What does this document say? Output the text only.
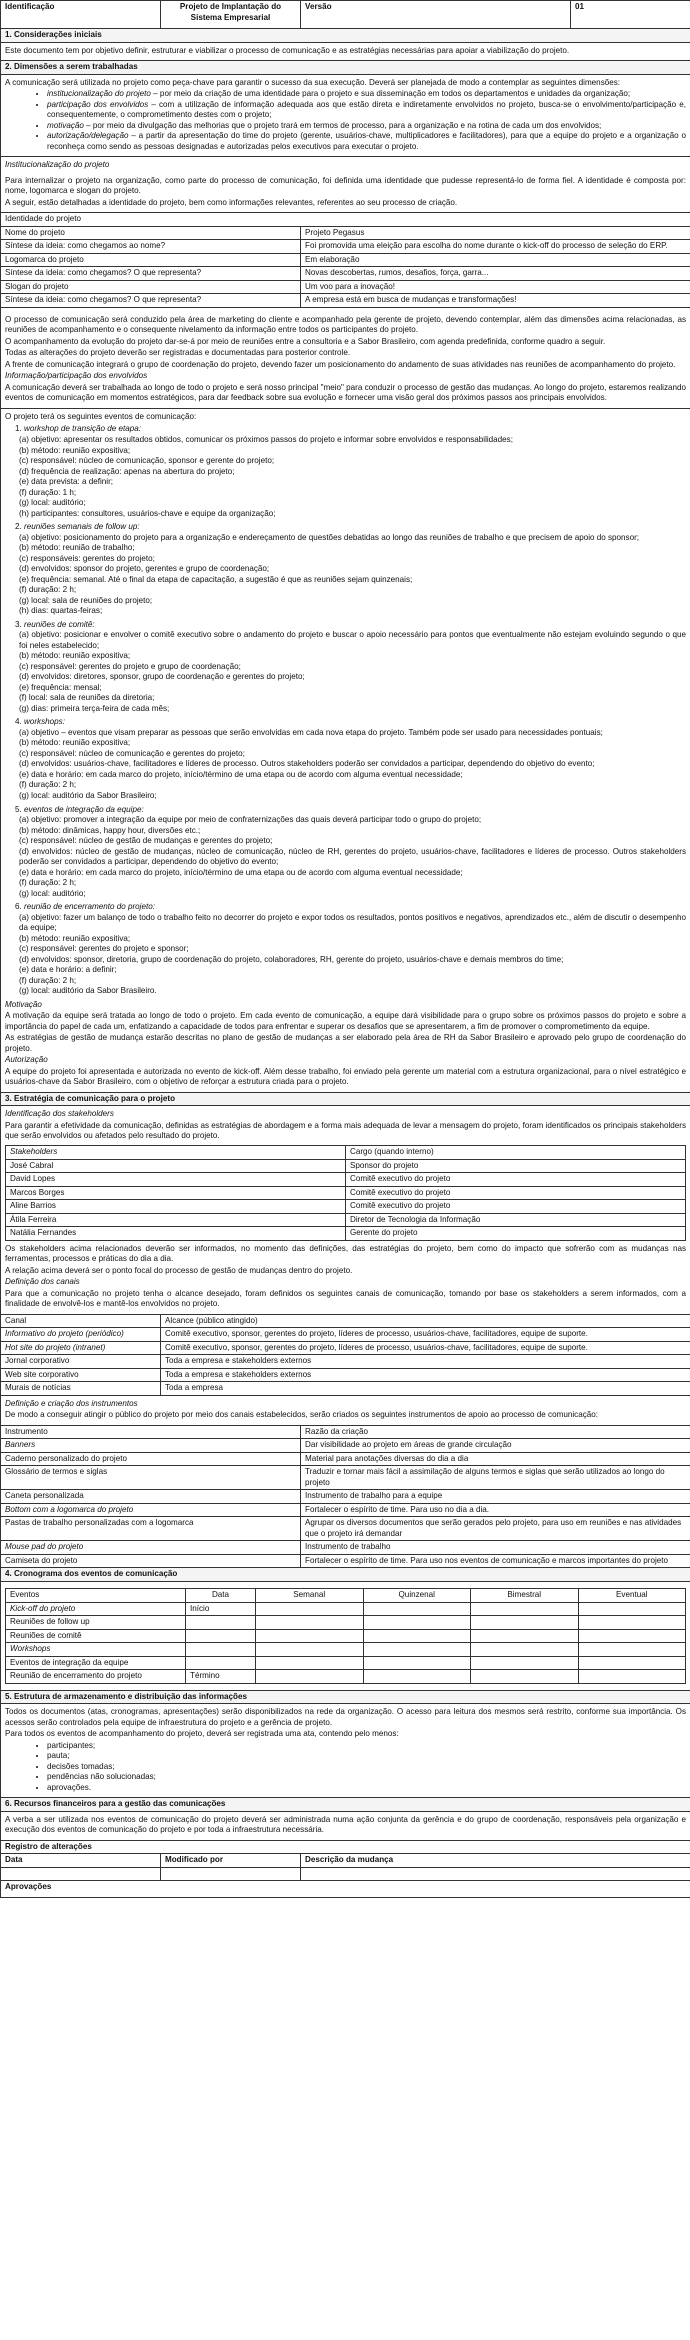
Identificação	Projeto de Implantação do Sistema Empresarial	Versão	01
1. Considerações iniciais

Este documento tem por objetivo definir, estruturar e viabilizar o processo de comunicação e as estratégias necessárias para apoiar a viabilização do projeto.

2. Dimensões a serem trabalhadas

A comunicação será utilizada no projeto como peça-chave para garantir o sucesso da sua execução. Deverá ser planejada de modo a contemplar as seguintes dimensões:

• institucionalização do projeto – por meio da criação de uma identidade para o projeto e sua disseminação em todos os departamentos e unidades da organização;
• participação dos envolvidos – com a utilização de informação adequada aos que estão direta e indiretamente envolvidos no projeto, busca-se o envolvimento/participação e, consequentemente, o comprometimento destes com o projeto;
• motivação – por meio da divulgação das melhorias que o projeto trará em termos de processo, para a organização e na rotina de cada um dos envolvidos;
• autorização/delegação – a partir da apresentação do time do projeto (gerente, usuários-chave, multiplicadores e facilitadores), para que a equipe do projeto e a organização o reconheça como sendo as pessoas designadas e autorizadas pelos executivos para executar o projeto.

Institucionalização do projeto

Para internalizar o projeto na organização, como parte do processo de comunicação, foi definida uma identidade que pudesse representá-lo de forma fiel. A identidade é composta por: nome, logomarca e slogan do projeto.

A seguir, estão detalhadas a identidade do projeto, bem como informações relevantes, referentes ao seu processo de criação.

Identidade do projeto
Nome do projeto	Projeto Pegasus
Síntese da ideia: como chegamos ao nome?	Foi promovida uma eleição para escolha do nome durante o kick-off do processo de seleção do ERP.
Logomarca do projeto	Em elaboração
Síntese da ideia: como chegamos? O que representa?	Novas descobertas, rumos, desafios, força, garra...
Slogan do projeto	Um voo para a inovação!
Síntese da ideia: como chegamos? O que representa?	A empresa está em busca de mudanças e transformações!

O processo de comunicação será conduzido pela área de marketing do cliente e acompanhado pela gerente de projeto, devendo contemplar, além das dimensões acima relacionadas, as reuniões de acompanhamento e o consequente nivelamento da informação entre todos os participantes do projeto.

O acompanhamento da evolução do projeto dar-se-á por meio de reuniões entre a consultoria e a Sabor Brasileiro, com agenda predefinida, conforme quadro a seguir.

Todas as alterações do projeto deverão ser registradas e documentadas para posterior controle.

A frente de comunicação integrará o grupo de coordenação do projeto, devendo fazer um posicionamento do andamento de suas atividades nas reuniões de acompanhamento do projeto.

Informação/participação dos envolvidos

A comunicação deverá ser trabalhada ao longo de todo o projeto e será nosso principal "meio" para conduzir o processo de gestão das mudanças. Ao longo do projeto, estaremos realizando eventos de comunicação em momentos estratégicos, para dar feedback sobre sua evolução e fornecer uma visão geral dos próximos passos aos principais envolvidos.

O projeto terá os seguintes eventos de comunicação:

1. workshop de transição de etapa:
(a) objetivo: apresentar os resultados obtidos, comunicar os próximos passos do projeto e informar sobre envolvidos e responsabilidades;
(b) método: reunião expositiva;
(c) responsável: núcleo de comunicação, sponsor e gerente do projeto;
(d) frequência de realização: apenas na abertura do projeto;
(e) data prevista: a definir;
(f) duração: 1 h;
(g) local: auditório;
(h) participantes: consultores, usuários-chave e equipe da organização;
2. reuniões semanais de follow up:
(a) objetivo: posicionamento do projeto para a organização e endereçamento de questões debatidas ao longo das reuniões de trabalho e que precisem de apoio do sponsor;
(b) método: reunião de trabalho;
(c) responsáveis: gerentes do projeto;
(d) envolvidos: sponsor do projeto, gerentes e grupo de coordenação;
(e) frequência: semanal. Até o final da etapa de capacitação, a sugestão é que as reuniões sejam quinzenais;
(f) duração: 2 h;
(g) local: sala de reuniões do projeto;
(h) dias: quartas-feiras;
3. reuniões de comitê:
(a) objetivo: posicionar e envolver o comitê executivo sobre o andamento do projeto e buscar o apoio necessário para pontos que eventualmente não estejam evoluindo segundo o que foi neles estabelecido;
(b) método: reunião expositiva;
(c) responsável: gerentes do projeto e grupo de coordenação;
(d) envolvidos: diretores, sponsor, grupo de coordenação e gerentes do projeto;
(e) frequência: mensal;
(f) local: sala de reuniões da diretoria;
(g) dias: primeira terça-feira de cada mês;
4. workshops:
(a) objetivo – eventos que visam preparar as pessoas que serão envolvidas em cada nova etapa do projeto. Também pode ser usado para necessidades pontuais;
(b) método: reunião expositiva;
(c) responsável: núcleo de comunicação e gerentes do projeto;
(d) envolvidos: usuários-chave, facilitadores e líderes de processo. Outros stakeholders poderão ser convidados a participar, dependendo do objetivo do evento;
(e) data e horário: em cada marco do projeto, início/término de uma etapa ou de acordo com alguma eventual necessidade;
(f) duração: 2 h;
(g) local: auditório da Sabor Brasileiro;
5. eventos de integração da equipe:
(a) objetivo: promover a integração da equipe por meio de confraternizações das quais deverá participar todo o grupo do projeto;
(b) método: dinâmicas, happy hour, diversões etc.;
(c) responsável: núcleo de gestão de mudanças e gerentes do projeto;
(d) envolvidos: núcleo de gestão de mudanças, núcleo de comunicação, núcleo de RH, gerentes do projeto, usuários-chave, facilitadores e líderes de processo. Outros stakeholders poderão ser convidados a participar, dependendo do objetivo do evento;
(e) data e horário: em cada marco do projeto, início/término de uma etapa ou de acordo com alguma eventual necessidade;
(f) duração: 2 h;
(g) local: auditório;
6. reunião de encerramento do projeto:
(a) objetivo: fazer um balanço de todo o trabalho feito no decorrer do projeto e expor todos os resultados, pontos positivos e negativos, aprendizados etc., além de discutir o desempenho da equipe;
(b) método: reunião expositiva;
(c) responsável: gerentes do projeto e sponsor;
(d) envolvidos: sponsor, diretoria, grupo de coordenação do projeto, colaboradores, RH, gerente do projeto, usuários-chave e demais membros do time;
(e) data e horário: a definir;
(f) duração: 2 h;
(g) local: auditório da Sabor Brasileiro.

Motivação

A motivação da equipe será tratada ao longo de todo o projeto. Em cada evento de comunicação, a equipe dará visibilidade para o grupo sobre os próximos passos do projeto e sobre a importância do papel de cada um, enfatizando a capacidade de todos para enfrentar e superar os desafios que se apresentarem, a fim de promover o comprometimento da equipe.

As estratégias de gestão de mudança estarão descritas no plano de gestão de mudanças a ser elaborado pela área de RH da Sabor Brasileiro e aprovado pelo grupo de coordenação do projeto.

Autorização

A equipe do projeto foi apresentada e autorizada no evento de kick-off. Além desse trabalho, foi enviado pela gerente um material com a estrutura organizacional, para o nível estratégico e usuários-chave da Sabor Brasileiro, com o objetivo de reforçar a estrutura criada para o projeto.

3. Estratégia de comunicação para o projeto

Identificação dos stakeholders

Para garantir a efetividade da comunicação, definidas as estratégias de abordagem e a forma mais adequada de levar a mensagem do projeto, foram identificados os principais stakeholders que serão envolvidos ou afetados pelo resultado do projeto.

Stakeholders	Cargo (quando interno)
José Cabral	Sponsor do projeto
David Lopes	Comitê executivo do projeto
Marcos Borges	Comitê executivo do projeto
Aline Barrios	Comitê executivo do projeto
Átila Ferreira	Diretor de Tecnologia da Informação
Natália Fernandes	Gerente do projeto

Os stakeholders acima relacionados deverão ser informados, no momento das definições, das estratégias do projeto, bem como do impacto que sofrerão com as mudanças nas ferramentas, processos e práticas do dia a dia.

A relação acima deverá ser o ponto focal do processo de gestão de mudanças dentro do projeto.

Definição dos canais

Para que a comunicação no projeto tenha o alcance desejado, foram definidos os seguintes canais de comunicação, tomando por base os stakeholders a serem informados, com a finalidade de envolvê-los e mantê-los envolvidos no projeto.

Canal	Alcance (público atingido)
Informativo do projeto (periódico)	Comitê executivo, sponsor, gerentes do projeto, líderes de processo, usuários-chave, facilitadores, equipe de suporte.
Hot site do projeto (intranet)	Comitê executivo, sponsor, gerentes do projeto, líderes de processo, usuários-chave, facilitadores, equipe de suporte.
Jornal corporativo	Toda a empresa e stakeholders externos
Web site corporativo	Toda a empresa e stakeholders externos
Murais de notícias	Toda a empresa

Definição e criação dos instrumentos

De modo a conseguir atingir o público do projeto por meio dos canais estabelecidos, serão criados os seguintes instrumentos de apoio ao processo de comunicação:

Instrumento	Razão da criação
Banners	Dar visibilidade ao projeto em áreas de grande circulação
Caderno personalizado do projeto	Material para anotações diversas do dia a dia
Glossário de termos e siglas	Traduzir e tornar mais fácil a assimilação de alguns termos e siglas que serão utilizados ao longo do projeto
Caneta personalizada	Instrumento de trabalho para a equipe
Bottom com a logomarca do projeto	Fortalecer o espírito de time. Para uso no dia a dia.
Pastas de trabalho personalizadas com a logomarca	Agrupar os diversos documentos que serão gerados pelo projeto, para uso em reuniões e nas atividades que o projeto irá demandar
Mouse pad do projeto	Instrumento de trabalho
Camiseta do projeto	Fortalecer o espírito de time. Para uso nos eventos de comunicação e marcos importantes do projeto
4. Cronograma dos eventos de comunicação

Eventos	Data	Semanal	Quinzenal	Bimestral	Eventual
Kick-off do projeto	Início				
Reuniões de follow up					
Reuniões de comitê					
Workshops					
Eventos de integração da equipe					
Reunião de encerramento do projeto	Término				

5. Estrutura de armazenamento e distribuição das informações

Todos os documentos (atas, cronogramas, apresentações) serão disponibilizados na rede da organização. O acesso para leitura dos mesmos será restrito, conforme sua importância. Os acessos serão controlados pela equipe de infraestrutura do projeto e a gerência de projeto.

Para todos os eventos de acompanhamento do projeto, deverá ser registrada uma ata, contendo pelo menos:

• participantes;
• pauta;
• decisões tomadas;
• pendências não solucionadas;
• aprovações.

6. Recursos financeiros para a gestão das comunicações

A verba a ser utilizada nos eventos de comunicação do projeto deverá ser administrada numa ação conjunta da gerência e do grupo de coordenação, responsáveis pela organização e execução dos eventos de comunicação do projeto e por toda a infraestrutura necessária.

Registro de alterações
Data	Modificado por	Descrição da mudança

Aprovações
